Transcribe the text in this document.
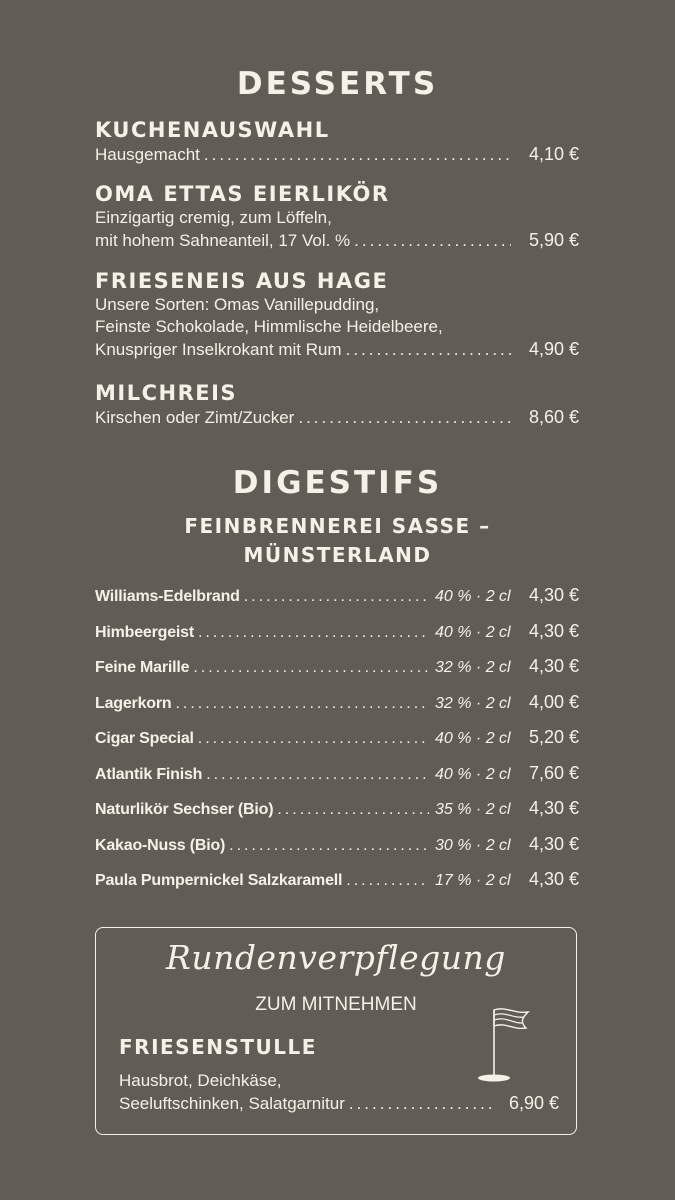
DESSERTS
KUCHENAUSWAHL
Hausgemacht .....	4,10 €
OMA ETTAS EIERLIKÖR
Einzigartig cremig, zum Löffeln,
mit hohem Sahneanteil, 17 Vol. % .....	5,90 €
FRIESENEIS AUS HAGE
Unsere Sorten: Omas Vanillepudding,
Feinste Schokolade, Himmlische Heidelbeere,
Knuspriger Inselkrokant mit Rum .....	4,90 €
MILCHREIS
Kirschen oder Zimt/Zucker .....	8,60 €
DIGESTIFS
FEINBRENNEREI SASSE –
MÜNSTERLAND
Williams-Edelbrand .....	40 % · 2 cl	4,30 €
Himbeergeist .....	40 % · 2 cl	4,30 €
Feine Marille .....	32 % · 2 cl	4,30 €
Lagerkorn .....	32 % · 2 cl	4,00 €
Cigar Special .....	40 % · 2 cl	5,20 €
Atlantik Finish .....	40 % · 2 cl	7,60 €
Naturlikör Sechser (Bio) .....	35 % · 2 cl	4,30 €
Kakao-Nuss (Bio) .....	30 % · 2 cl	4,30 €
Paula Pumpernickel Salzkaramell .....	17 % · 2 cl	4,30 €
Rundenverpflegung
ZUM MITNEHMEN
FRIESENSTULLE
Hausbrot, Deichkäse,
Seeluftschinken, Salatgarnitur .....	6,90 €
